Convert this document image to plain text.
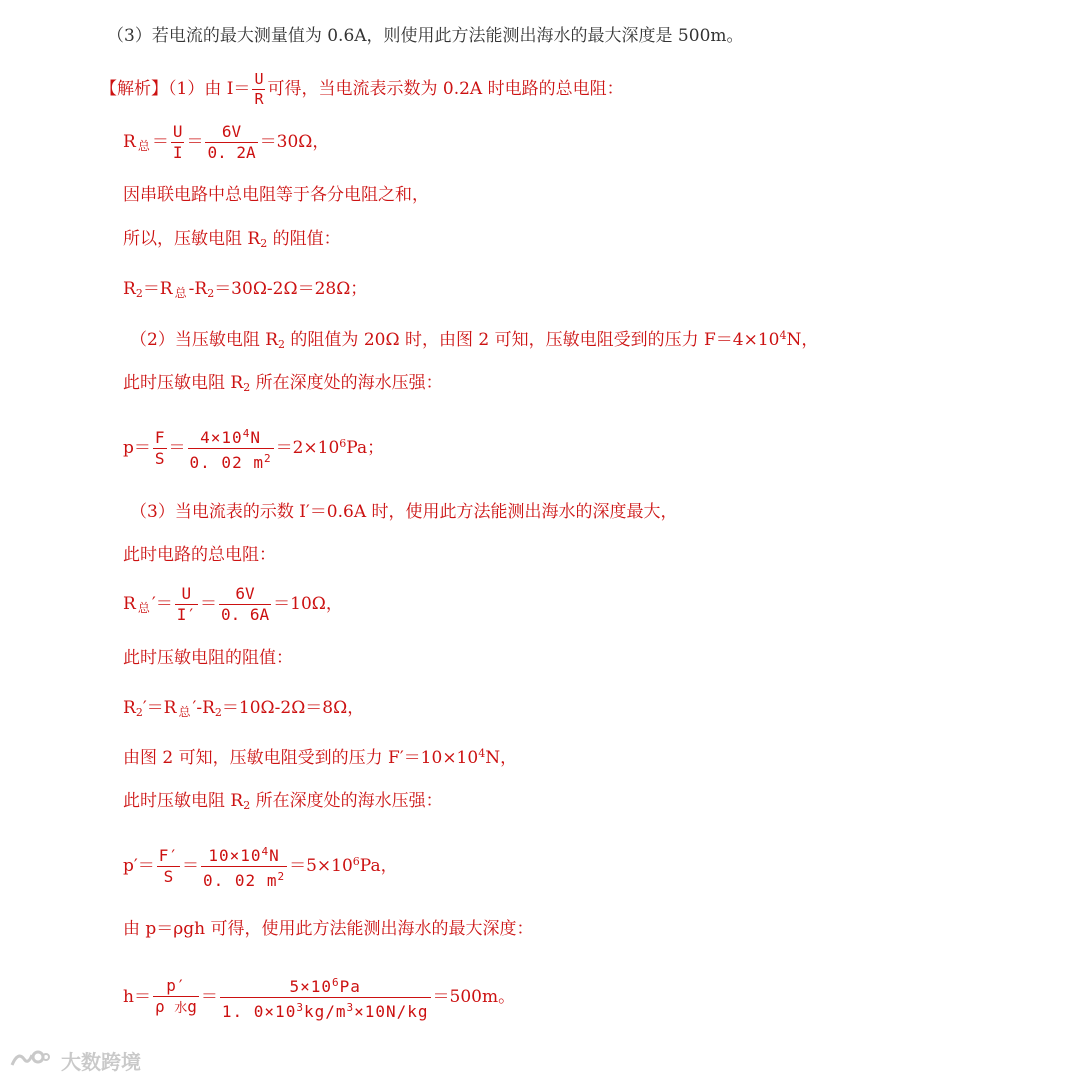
（3）若电流的最大测量值为 0.6A，则使用此方法能测出海水的最大深度是 500m。
【解析】（1）由 $I= \frac{U}{R}$ 可得，当电流表示数为 0.2A 时电路的总电阻：
R 总 ＝ $\frac{U}{I} = \frac{6V}{0. 2A} =30\Omega$，
因串联电路中总电阻等于各分电阻之和，
所以，压敏电阻 $R_2$ 的阻值：
$R_2=R$ 总 $-R_2=30\Omega-2\Omega=28\Omega$；
（2）当压敏电阻 $R_2$ 的阻值为 20Ω 时，由图 2 可知，压敏电阻受到的压力 $F=4\times 10^4N$，
此时压敏电阻 $R_2$ 所在深度处的海水压强：
$p= \frac{F}{S} = \frac{4\times 10^4N}{0. 02 m^2} =2\times 10^6Pa$；
（3）当电流表的示数 I′＝0.6A 时，使用此方法能测出海水的深度最大，
此时电路的总电阻：
R 总 ′＝ $\frac{U}{I'} = \frac{6V}{0. 6A} =10\Omega$，
此时压敏电阻的阻值：
$R_2'=R$ 总 $'-R_2=10\Omega-2\Omega=8\Omega$，
由图 2 可知，压敏电阻受到的压力 $F'=10\times 10^4N$，
此时压敏电阻 $R_2$ 所在深度处的海水压强：
$p'= \frac{F'}{S} = \frac{10\times 10^4N}{0. 02 m^2} =5\times 10^6Pa$，
由 p＝ρgh 可得，使用此方法能测出海水的最大深度：
$h= \frac{p'}{\text{ρ 水g}} = \frac{5\times 10^6Pa}{1. 0\times 10^3kg/m^3\times 10N/kg} =500m$。
大数跨境
